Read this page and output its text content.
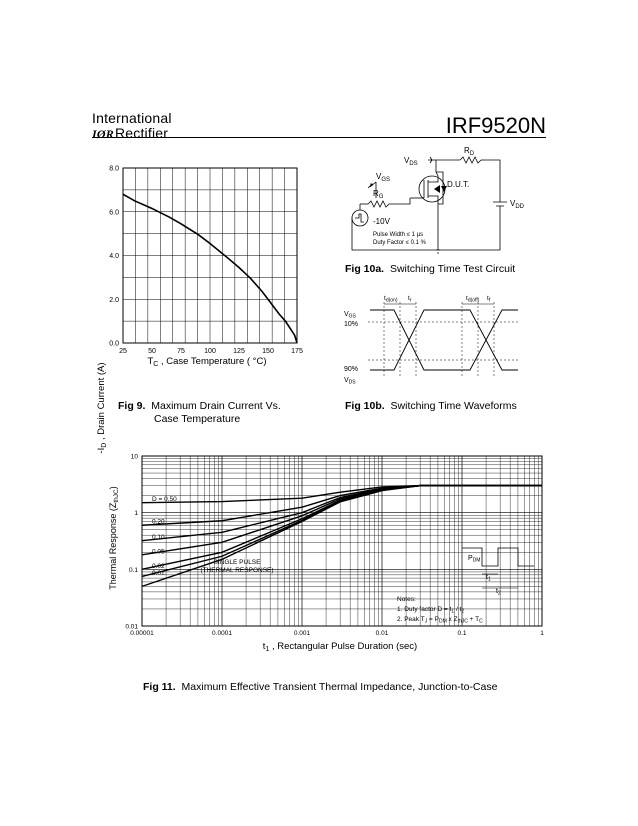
International
IØRRectifier	IRF9520N
25	50	75	100 125 150 175
0.0
2.0
4.0
6.0
8.0
$-I_D$ , Drain Current (A)
$T_C$ , Case Temperature ( °C)
$R_D$
$V_{DS}$
$V_{GS}$
$R_G$
D.U.T.
$V_{DD}$
-10V
Pulse Width ≤ 1 µs
Duty Factor ≤ 0.1 %
$t_{d(on)}$ $t_r$	$t_{d(off)}$ $t_f$
$V_{GS}$
10%
90%
$V_{DS}$
Fig 9. Maximum Drain Current Vs.
Case Temperature
Fig 10a. Switching Time Test Circuit
Fig 10b. Switching Time Waveforms
0.00001	0.0001	0.001	0.01	0.1	1
0.01
0.1
1
10
D = 0.50
0.20
0.10
0.05
0.02
0.01
Thermal Response $(Z_{thJC})$
$t_1$ , Rectangular Pulse Duration (sec)
$P_{DM}$
$t_1$
$t_2$
Notes:
1. Duty factor $D = t_1 / t_2$
2. Peak $T_J = P_{DM}$ x $Z_{thJC} + T_C$
SINGLE PULSE
(THERMAL RESPONSE)
Fig 11. Maximum Effective Transient Thermal Impedance, Junction-to-Case
